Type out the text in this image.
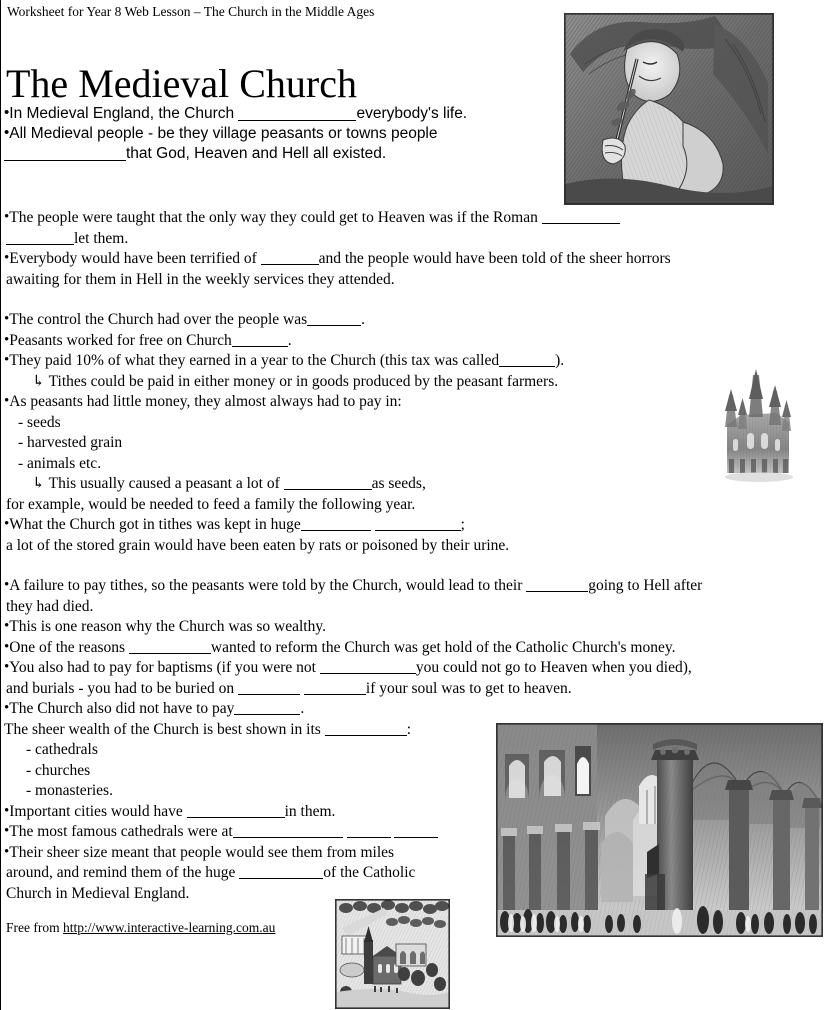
Worksheet for Year 8 Web Lesson – The Church in the Middle Ages
The Medieval Church
•In Medieval England, the Church	everybody's life.
•All Medieval people - be they village peasants or towns people
that God, Heaven and Hell all existed.
•The people were taught that the only way they could get to Heaven was if the Roman
let them.
•Everybody would have been terrified of	and the people would have been told of the sheer horrors
awaiting for them in Hell in the weekly services they attended.
•The control the Church had over the people was	.
•Peasants worked for free on Church	.
•They paid 10% of what they earned in a year to the Church (this tax was called	).
↳ Tithes could be paid in either money or in goods produced by the peasant farmers.
•As peasants had little money, they almost always had to pay in:
- seeds
- harvested grain
- animals etc.
↳ This usually caused a peasant a lot of	as seeds,
for example, would be needed to feed a family the following year.
•What the Church got in tithes was kept in huge	;
a lot of the stored grain would have been eaten by rats or poisoned by their urine.
•A failure to pay tithes, so the peasants were told by the Church, would lead to their	going to Hell after
they had died.
•This is one reason why the Church was so wealthy.
•One of the reasons	wanted to reform the Church was get hold of the Catholic Church's money.
•You also had to pay for baptisms (if you were not	you could not go to Heaven when you died),
and burials - you had to be buried on	if your soul was to get to heaven.
•The Church also did not have to pay	.
The sheer wealth of the Church is best shown in its	:
- cathedrals
- churches
- monasteries.
•Important cities would have	in them.
•The most famous cathedrals were at
•Their sheer size meant that people would see them from miles
around, and remind them of the huge	of the Catholic
Church in Medieval England.
Free from http://www.interactive-learning.com.au
